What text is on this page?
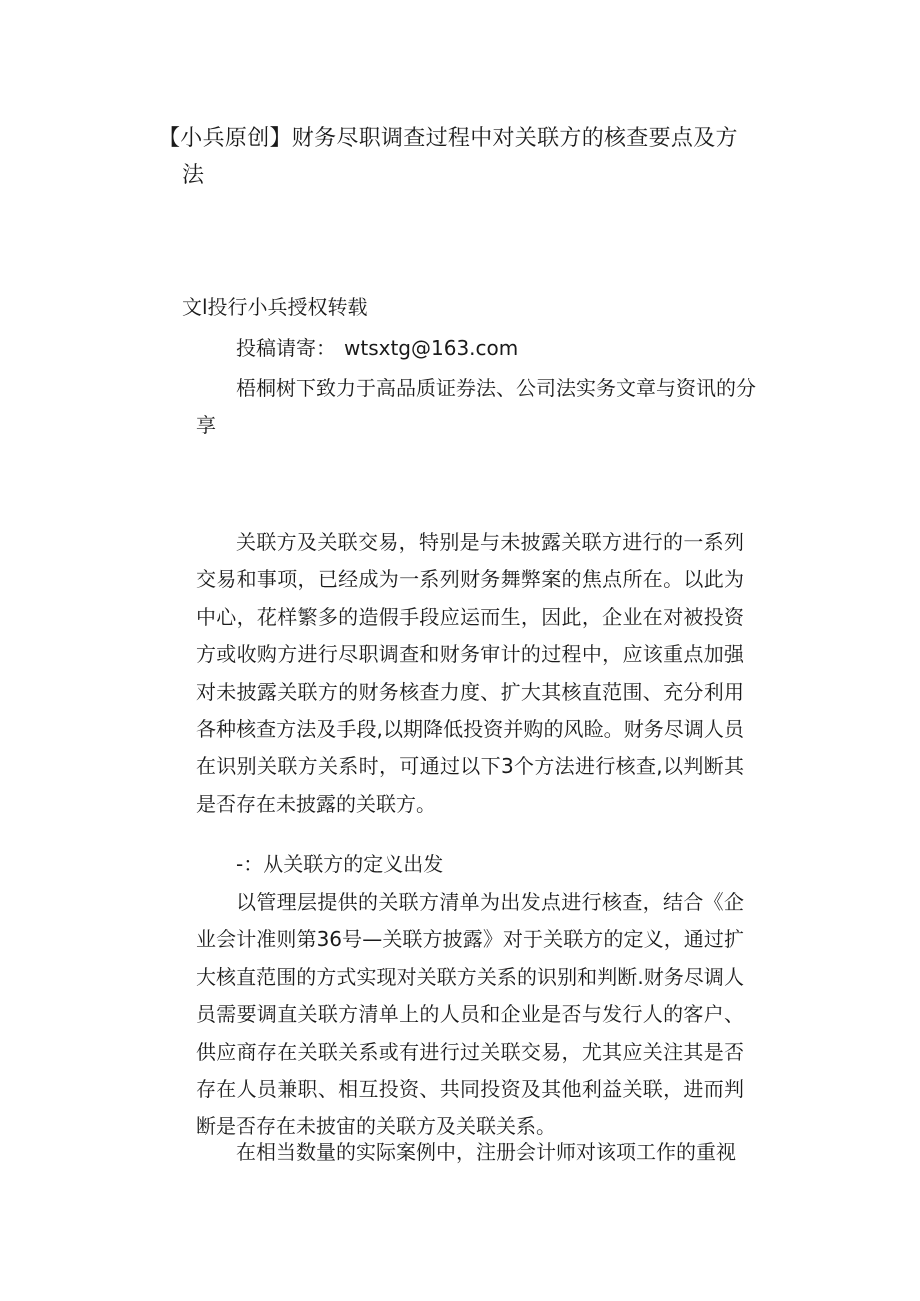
【小兵原创】财务尽职调查过程中对关联方的核查要点及方
法
文l投行小兵授权转载
投稿请寄： wtsxtg@163.com

梧桐树下致力于高品质证券法、公司法实务文章与资讯的分享

关联方及关联交易，特别是与未披露关联方进行的一系列交易和事项，已经成为一系列财务舞弊案的焦点所在。以此为中心，花样繁多的造假手段应运而生，因此，企业在对被投资方或收购方进行尽职调查和财务审计的过程中，应该重点加强对未披露关联方的财务核查力度、扩大其核直范围、充分利用各种核查方法及手段,以期降低投资并购的风睑。财务尽调人员在识别关联方关系时，可通过以下3个方法进行核查,以判断其是否存在未披露的关联方。

-：从关联方的定义出发

以管理层提供的关联方清单为出发点进行核查，结合《企业会计准则第36号—关联方披露》对于关联方的定义，通过扩大核直范围的方式实现对关联方关系的识别和判断.财务尽调人员需要调直关联方清单上的人员和企业是否与发行人的客户、供应商存在关联关系或有进行过关联交易，尤其应关注其是否存在人员兼职、相互投资、共同投资及其他利益关联，进而判断是否存在未披宙的关联方及关联关系。

在相当数量的实际案例中，注册会计师对该项工作的重视
